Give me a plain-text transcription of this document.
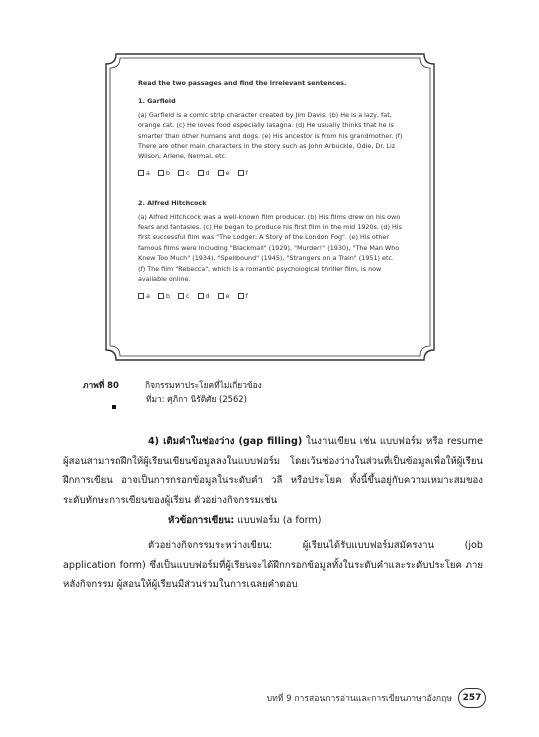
Read the two passages and find the irrelevant sentences.
1. Garfield

(a) Garfield is a comic strip character created by Jim Davis. (b) He is a lazy, fat, orange cat. (c) He loves food especially lasagna. (d) He usually thinks that he is smarter than other humans and dogs. (e) His ancestor is from his grandmother. (f) There are other main characters in the story such as John Arbuckle, Odie, Dr. Liz Wilson, Arlene, Nermal, etc.

a	b	c	d	e	f
2. Alfred Hitchcock

(a) Alfred Hitchcock was a well-known film producer. (b) His films drew on his own fears and fantasies. (c) He began to produce his first film in the mid 1920s. (d) His first successful film was "The Lodger: A Story of the London Fog". (e) His other famous films were including "Blackmail" (1929), "Murder!" (1930), "The Man Who Knew Too Much" (1934), "Spellbound" (1945), "Strangers on a Train" (1951) etc. (f) The film "Rebecca", which is a romantic psychological thriller film, is now available online.

a	b	c	d	e	f
ภาพที่ 80	กิจกรรมหาประโยคที่ไม่เกี่ยวข้อง
ที่มา: ศุภิกา นิรัติศัย (2562)
4) เติมคำในช่องว่าง (gap filling) ในงานเขียน เช่น แบบฟอร์ม หรือ resume ผู้สอนสามารถฝึกให้ผู้เรียนเขียนข้อมูลลงในแบบฟอร์ม โดยเว้นช่องว่างในส่วนที่เป็นข้อมูลเพื่อให้ผู้เรียนฝึกการเขียน อาจเป็นการกรอกข้อมูลในระดับคำ วลี หรือประโยค ทั้งนี้ขึ้นอยู่กับความเหมาะสมของระดับทักษะการเขียนของผู้เรียน ตัวอย่างกิจกรรมเช่น
หัวข้อการเขียน: แบบฟอร์ม (a form)
ตัวอย่างกิจกรรมระหว่างเขียน: ผู้เรียนได้รับแบบฟอร์มสมัครงาน (job application form) ซึ่งเป็นแบบฟอร์มที่ผู้เรียนจะได้ฝึกกรอกข้อมูลทั้งในระดับคำและระดับประโยค ภายหลังกิจกรรม ผู้สอนให้ผู้เรียนมีส่วนร่วมในการเฉลยคำตอบ
บทที่ 9 การสอนการอ่านและการเขียนภาษาอังกฤษ	257
